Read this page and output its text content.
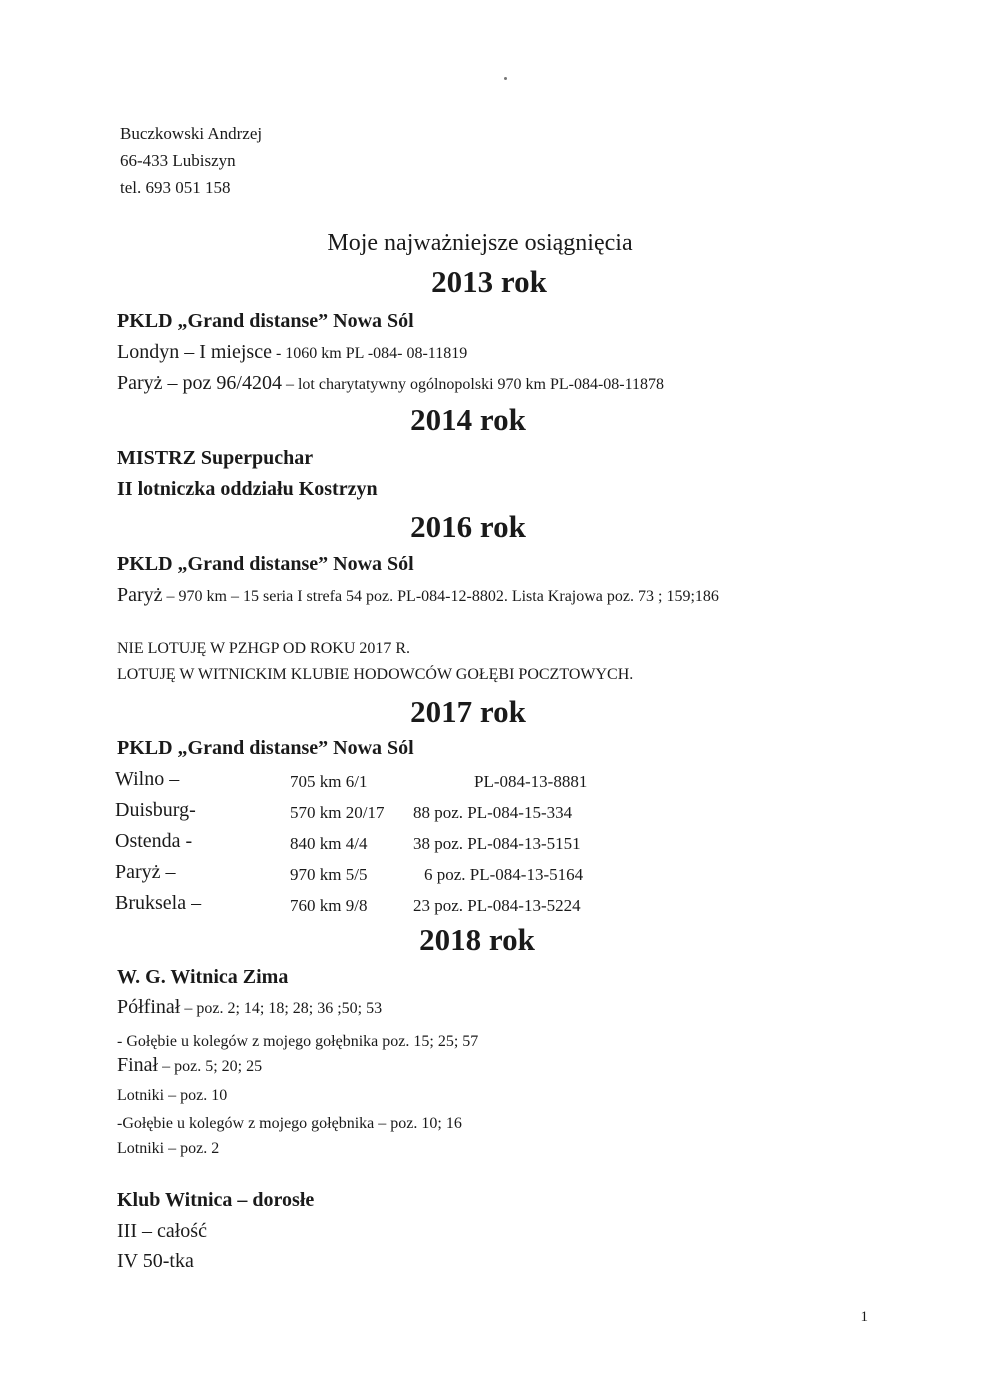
Buczkowski Andrzej
66-433 Lubiszyn
tel. 693 051 158
Moje najważniejsze osiągnięcia
2013 rok
PKLD „Grand distanse” Nowa Sól
Londyn – I miejsce - 1060 km PL -084- 08-11819
Paryż – poz 96/4204 – lot charytatywny ogólnopolski 970 km PL-084-08-11878
2014 rok
MISTRZ Superpuchar
II lotniczka oddziału Kostrzyn
2016 rok
PKLD „Grand distanse” Nowa Sól
Paryż – 970 km – 15 seria I strefa 54 poz. PL-084-12-8802. Lista Krajowa poz. 73 ; 159;186
NIE LOTUJĘ W PZHGP OD ROKU 2017 R.
LOTUJĘ W WITNICKIM KLUBIE HODOWCÓW GOŁĘBI POCZTOWYCH.
2017 rok
PKLD „Grand distanse” Nowa Sól
Wilno –	705 km 6/1	PL-084-13-8881
Duisburg-	570 km 20/17 88 poz. PL-084-15-334
Ostenda -	840 km 4/4	38 poz. PL-084-13-5151
Paryż –	970 km 5/5	6 poz. PL-084-13-5164
Bruksela –	760 km 9/8	23 poz. PL-084-13-5224
2018 rok
W. G. Witnica Zima
Półfinał – poz. 2; 14; 18; 28; 36 ;50; 53
- Gołębie u kolegów z mojego gołębnika poz. 15; 25; 57
Finał – poz. 5; 20; 25
Lotniki – poz. 10
-Gołębie u kolegów z mojego gołębnika – poz. 10; 16
Lotniki – poz. 2
Klub Witnica – dorosłe
III – całość
IV 50-tka
1
